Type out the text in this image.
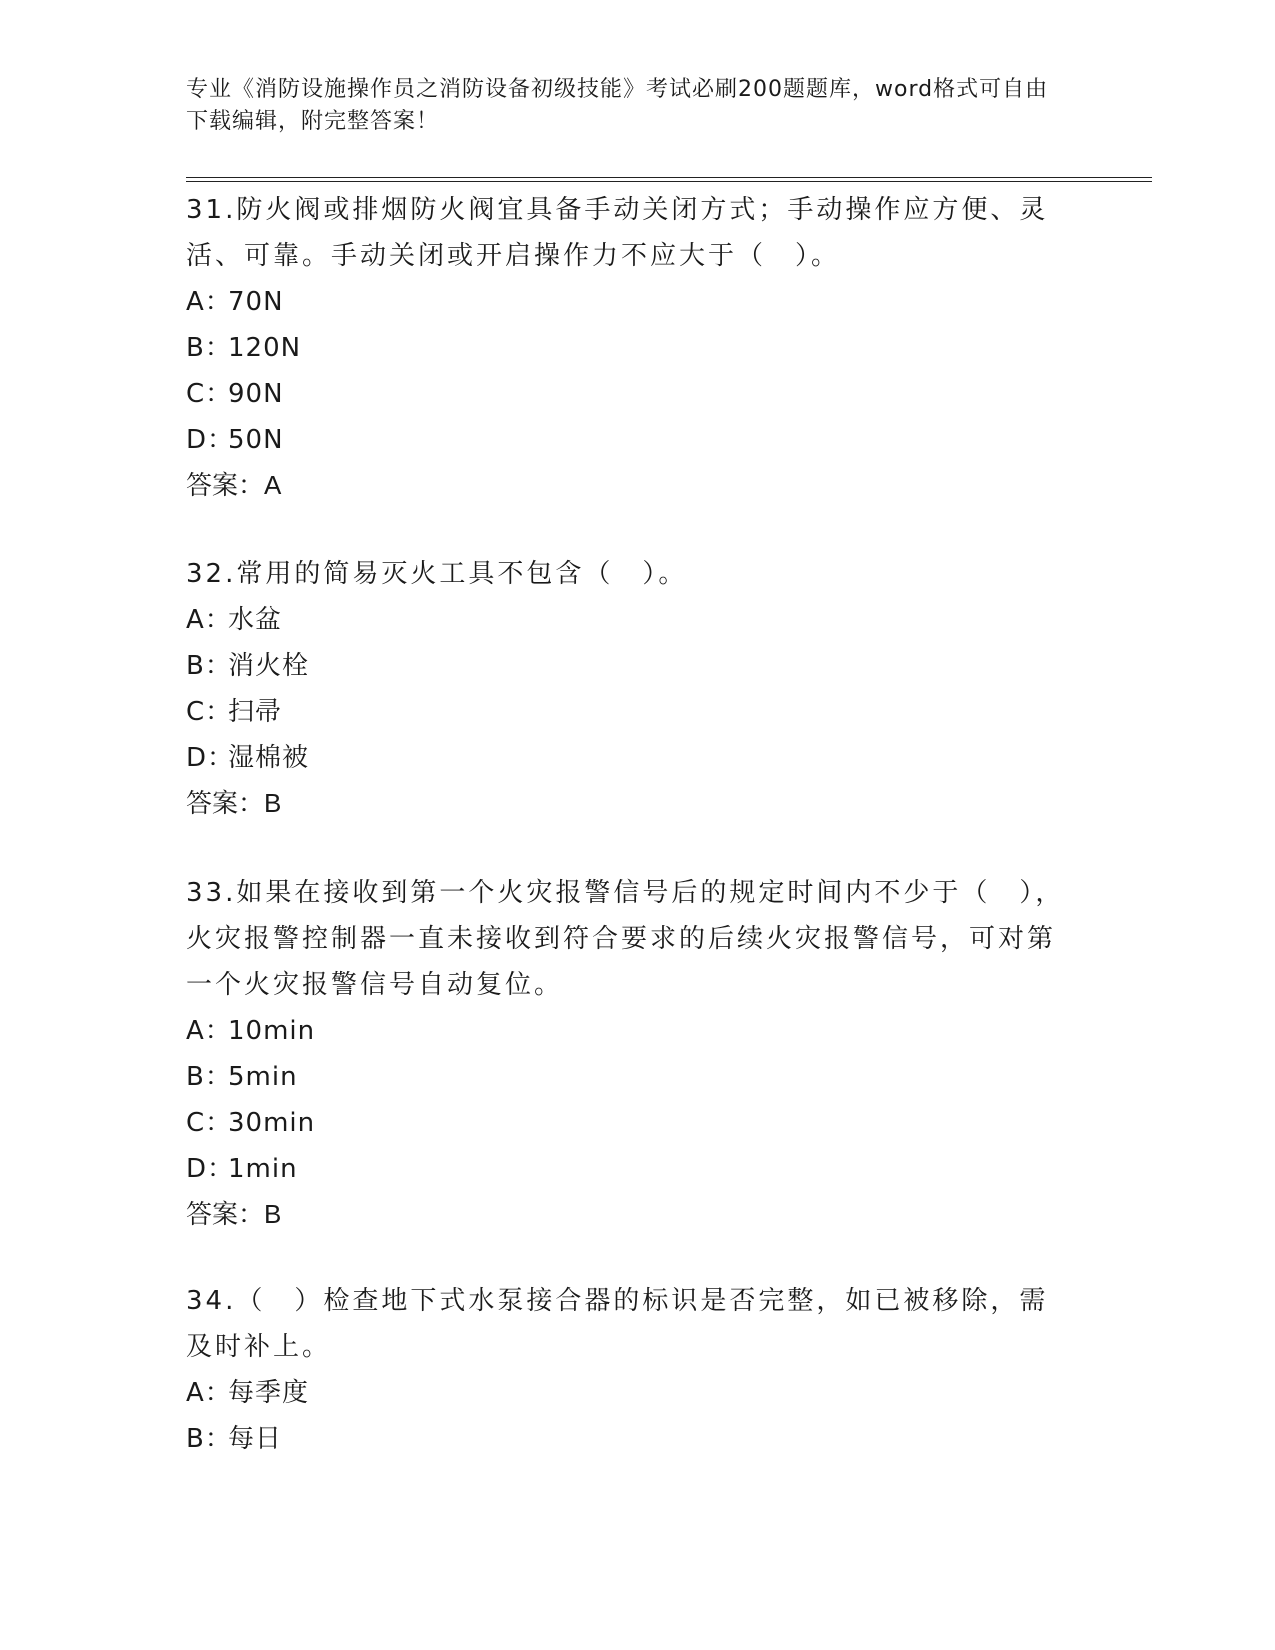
专业《消防设施操作员之消防设备初级技能》考试必刷200题题库，word格式可自由下载编辑，附完整答案！

31.防火阀或排烟防火阀宜具备手动关闭方式；手动操作应方便、灵活、可靠。手动关闭或开启操作力不应大于（　）。

A：70N

B：120N

C：90N

D：50N

答案：A

32.常用的简易灭火工具不包含（　）。

A：水盆

B：消火栓

C：扫帚

D：湿棉被

答案：B

33.如果在接收到第一个火灾报警信号后的规定时间内不少于（　），火灾报警控制器一直未接收到符合要求的后续火灾报警信号，可对第一个火灾报警信号自动复位。

A：10min

B：5min

C：30min

D：1min

答案：B

34.（　）检查地下式水泵接合器的标识是否完整，如已被移除，需及时补上。

A：每季度

B：每日
